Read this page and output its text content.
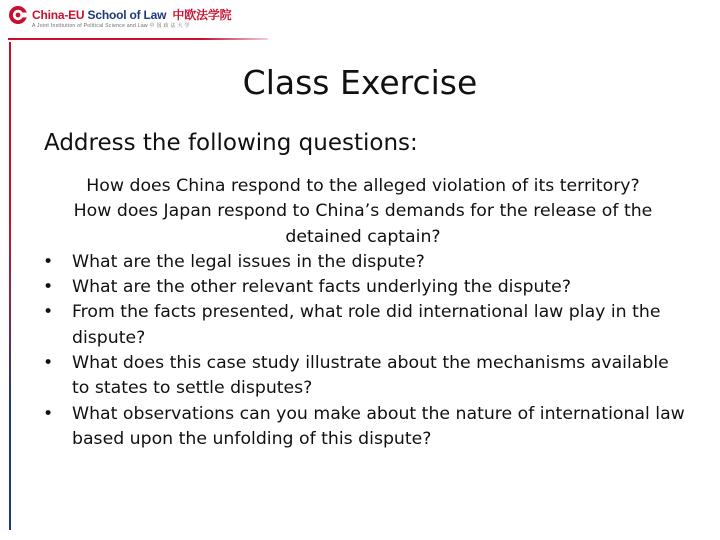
China-EU School of Law 中欧法学院
A Joint Institution of Political Science and Law 中 国 政 法 大 学
Class Exercise
Address the following questions:

How does China respond to the alleged violation of its territory?

How does Japan respond to China’s demands for the release of the detained captain?

• What are the legal issues in the dispute?
• What are the other relevant facts underlying the dispute?
• From the facts presented, what role did international law play in the dispute?
• What does this case study illustrate about the mechanisms available to states to settle disputes?
• What observations can you make about the nature of international law based upon the unfolding of this dispute?
